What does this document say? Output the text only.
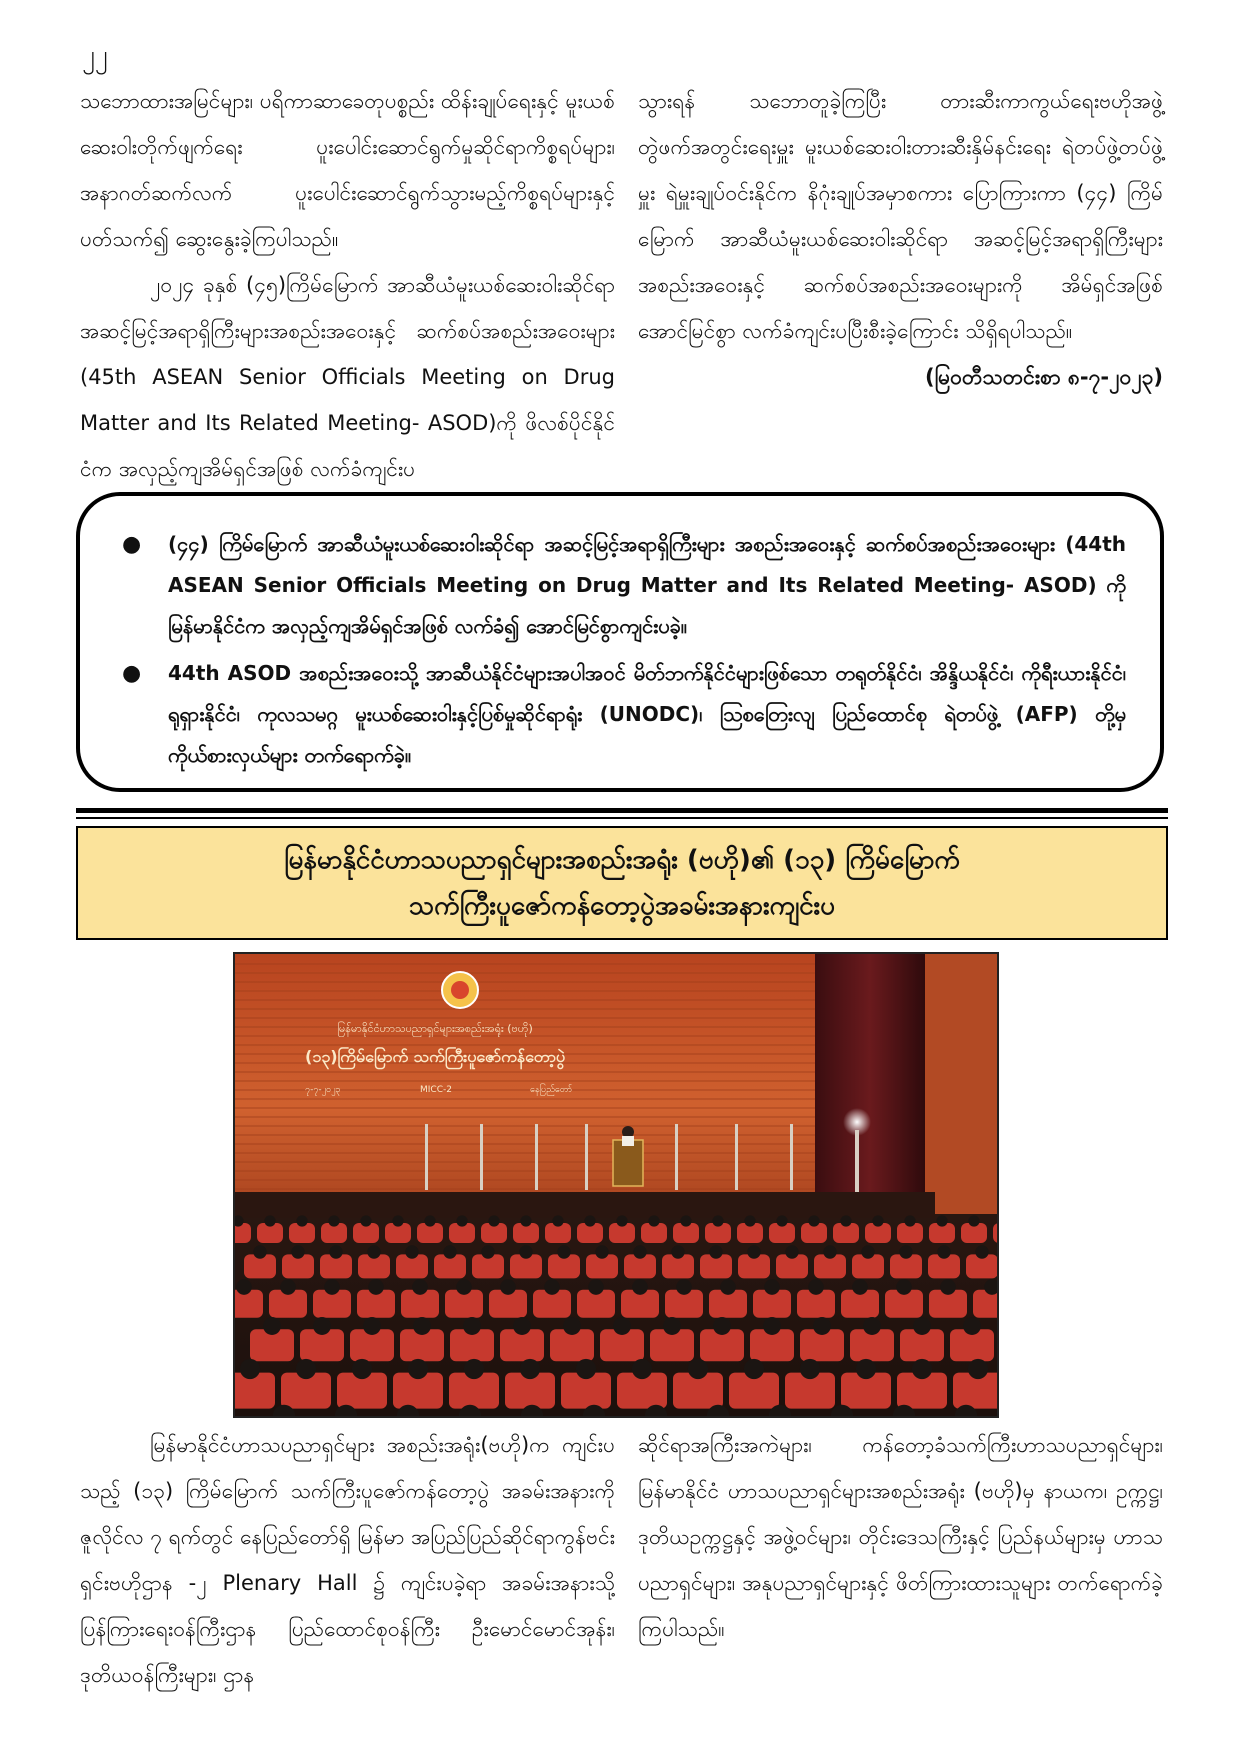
၂၂

သဘောထားအမြင်များ၊ ပရိကာဆာခေတုပစ္စည်း ထိန်းချုပ်ရေးနှင့် မူးယစ်ဆေးဝါးတိုက်ဖျက်ရေး ပူးပေါင်းဆောင်ရွက်မှုဆိုင်ရာကိစ္စရပ်များ၊ အနာဂတ်ဆက်လက် ပူးပေါင်းဆောင်ရွက်သွားမည့်ကိစ္စရပ်များနှင့်ပတ်သက်၍ ဆွေးနွေးခဲ့ကြပါသည်။

၂၀၂၄ ခုနှစ် (၄၅)ကြိမ်မြောက် အာဆီယံမူးယစ်ဆေးဝါးဆိုင်ရာ အဆင့်မြင့်အရာရှိကြီးများအစည်းအဝေးနှင့် ဆက်စပ်အစည်းအဝေးများ (45th ASEAN Senior Officials Meeting on Drug Matter and Its Related Meeting- ASOD)ကို ဖိလစ်ပိုင်နိုင်ငံက အလှည့်ကျအိမ်ရှင်အဖြစ် လက်ခံကျင်းပ

သွားရန် သဘောတူခဲ့ကြပြီး တားဆီးကာကွယ်ရေးဗဟိုအဖွဲ့ တွဲဖက်အတွင်းရေးမှူး မူးယစ်ဆေးဝါးတားဆီးနှိမ်နင်းရေး ရဲတပ်ဖွဲ့တပ်ဖွဲ့မှူး ရဲမှူးချုပ်ဝင်းနိုင်က နိဂုံးချုပ်အမှာစကား ပြောကြားကာ (၄၄) ကြိမ်မြောက် အာဆီယံမူးယစ်ဆေးဝါးဆိုင်ရာ အဆင့်မြင့်အရာရှိကြီးများ အစည်းအဝေးနှင့် ဆက်စပ်အစည်းအဝေးများကို အိမ်ရှင်အဖြစ်အောင်မြင်စွာ လက်ခံကျင်းပပြီးစီးခဲ့ကြောင်း သိရှိရပါသည်။

(မြဝတီသတင်းစာ ၈-၇-၂၀၂၃)

● (၄၄) ကြိမ်မြောက် အာဆီယံမူးယစ်ဆေးဝါးဆိုင်ရာ အဆင့်မြင့်အရာရှိကြီးများ အစည်းအဝေးနှင့် ဆက်စပ်အစည်းအဝေးများ (44th ASEAN Senior Officials Meeting on Drug Matter and Its Related Meeting- ASOD) ကို မြန်မာနိုင်ငံက အလှည့်ကျအိမ်ရှင်အဖြစ် လက်ခံ၍ အောင်မြင်စွာကျင်းပခဲ့။
● 44th ASOD အစည်းအဝေးသို့ အာဆီယံနိုင်ငံများအပါအဝင် မိတ်ဘက်နိုင်ငံများဖြစ်သော တရုတ်နိုင်ငံ၊ အိန္ဒိယနိုင်ငံ၊ ကိုရီးယားနိုင်ငံ၊ ရုရှားနိုင်ငံ၊ ကုလသမဂ္ဂ မူးယစ်ဆေးဝါးနှင့်ပြစ်မှုဆိုင်ရာရုံး (UNODC)၊ ဩစတြေးလျ ပြည်ထောင်စု ရဲတပ်ဖွဲ့ (AFP) တို့မှ ကိုယ်စားလှယ်များ တက်ရောက်ခဲ့။
မြန်မာနိုင်ငံဟာသပညာရှင်များအစည်းအရုံး (ဗဟို)၏ (၁၃) ကြိမ်မြောက်
သက်ကြီးပူဇော်ကန်တော့ပွဲအခမ်းအနားကျင်းပ
မြန်မာနိုင်ငံဟာသပညာရှင်များအစည်းအရုံး (ဗဟို)
(၁၃)ကြိမ်မြောက် သက်ကြီးပူဇော်ကန်တော့ပွဲ
၇-၇-၂၀၂၃	MICC-2	နေပြည်တော်

မြန်မာနိုင်ငံဟာသပညာရှင်များ အစည်းအရုံး(ဗဟို)က ကျင်းပသည့် (၁၃) ကြိမ်မြောက် သက်ကြီးပူဇော်ကန်တော့ပွဲ အခမ်းအနားကို ဇူလိုင်လ ၇ ရက်တွင် နေပြည်တော်ရှိ မြန်မာ အပြည်ပြည်ဆိုင်ရာကွန်ဗင်းရှင်းဗဟိုဌာန -၂ Plenary Hall ၌ ကျင်းပခဲ့ရာ အခမ်းအနားသို့ ပြန်ကြားရေးဝန်ကြီးဌာန ပြည်ထောင်စုဝန်ကြီး ဦးမောင်မောင်အုန်း၊ ဒုတိယဝန်ကြီးများ၊ ဌာန

ဆိုင်ရာအကြီးအကဲများ၊ ကန်တော့ခံသက်ကြီးဟာသပညာရှင်များ၊ မြန်မာနိုင်ငံ ဟာသပညာရှင်များအစည်းအရုံး (ဗဟို)မှ နာယက၊ ဥက္ကဋ္ဌ၊ ဒုတိယဥက္ကဋ္ဌနှင့် အဖွဲ့ဝင်များ၊ တိုင်းဒေသကြီးနှင့် ပြည်နယ်များမှ ဟာသပညာရှင်များ၊ အနုပညာရှင်များနှင့် ဖိတ်ကြားထားသူများ တက်ရောက်ခဲ့ကြပါသည်။
